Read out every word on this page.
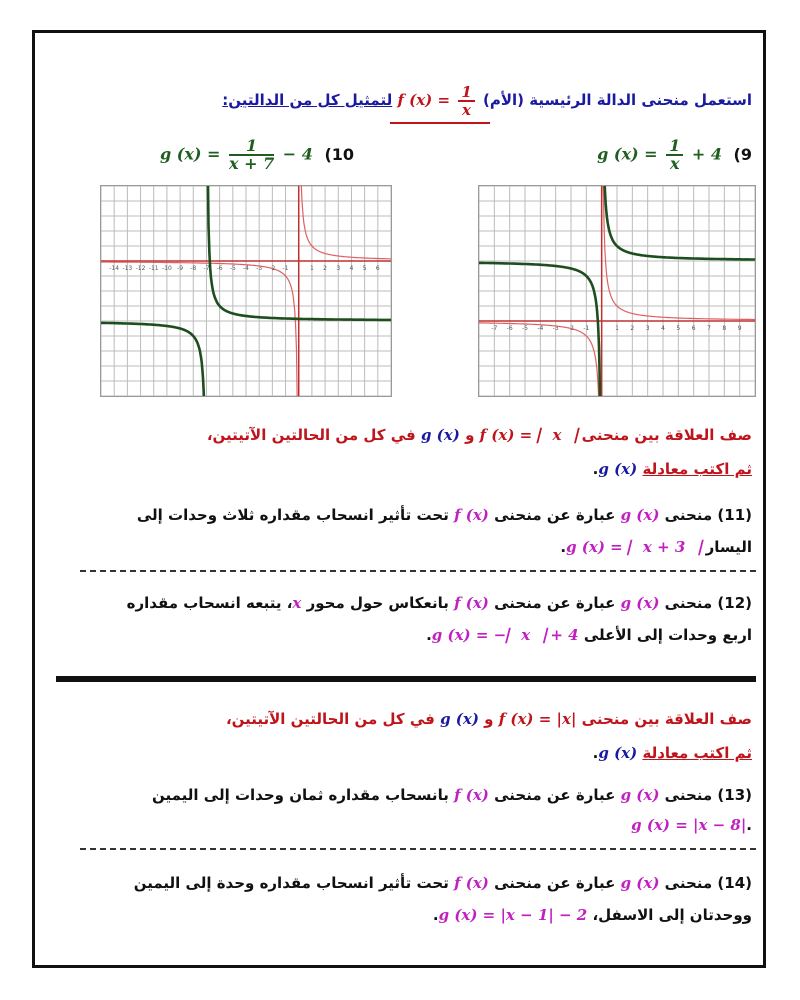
استعمل منحنى الدالة الرئيسية (الأم) f $(x) = \frac{1}{x}$
لتمثيل كل من الدالتين:
g $(x) = \frac{1}{x} + 4$ (9
g $(x) = \frac{1}{x + 7} - 4$ (10
-14 -13 -12 -11 -10 -9 -8 -7 -6 -5 -4 -3 -2 -1	1 2 3 4 5 6
-7 -6 -5 -4 -3 -2 -1	1 2 3 4 5 6 7 8 9
صف العلاقة بين منحنى f (x) = ⎸x⎹ و g (x) في كل من الحالتين الآتيتين،
ثم اكتب معادلة g (x).
(11) منحنى g (x) عبارة عن منحنى f (x) تحت تأثير انسحاب مقداره ثلاث وحدات إلى
اليسار g (x) = ⎸x + 3⎹.
(12) منحنى g (x) عبارة عن منحنى f (x) بانعكاس حول محور x، يتبعه انسحاب مقداره
اربع وحدات إلى الأعلى g (x) = −⎸x⎹ + 4.
صف العلاقة بين منحنى f (x) = |x| و g (x) في كل من الحالتين الآتيتين،
ثم اكتب معادلة g (x).
(13) منحنى g (x) عبارة عن منحنى f (x) بانسحاب مقداره ثمان وحدات إلى اليمين
g (x) = |x − 8|.
(14) منحنى g (x) عبارة عن منحنى f (x) تحت تأثير انسحاب مقداره وحدة إلى اليمين
ووحدتان إلى الاسفل، g (x) = |x − 1| − 2.
